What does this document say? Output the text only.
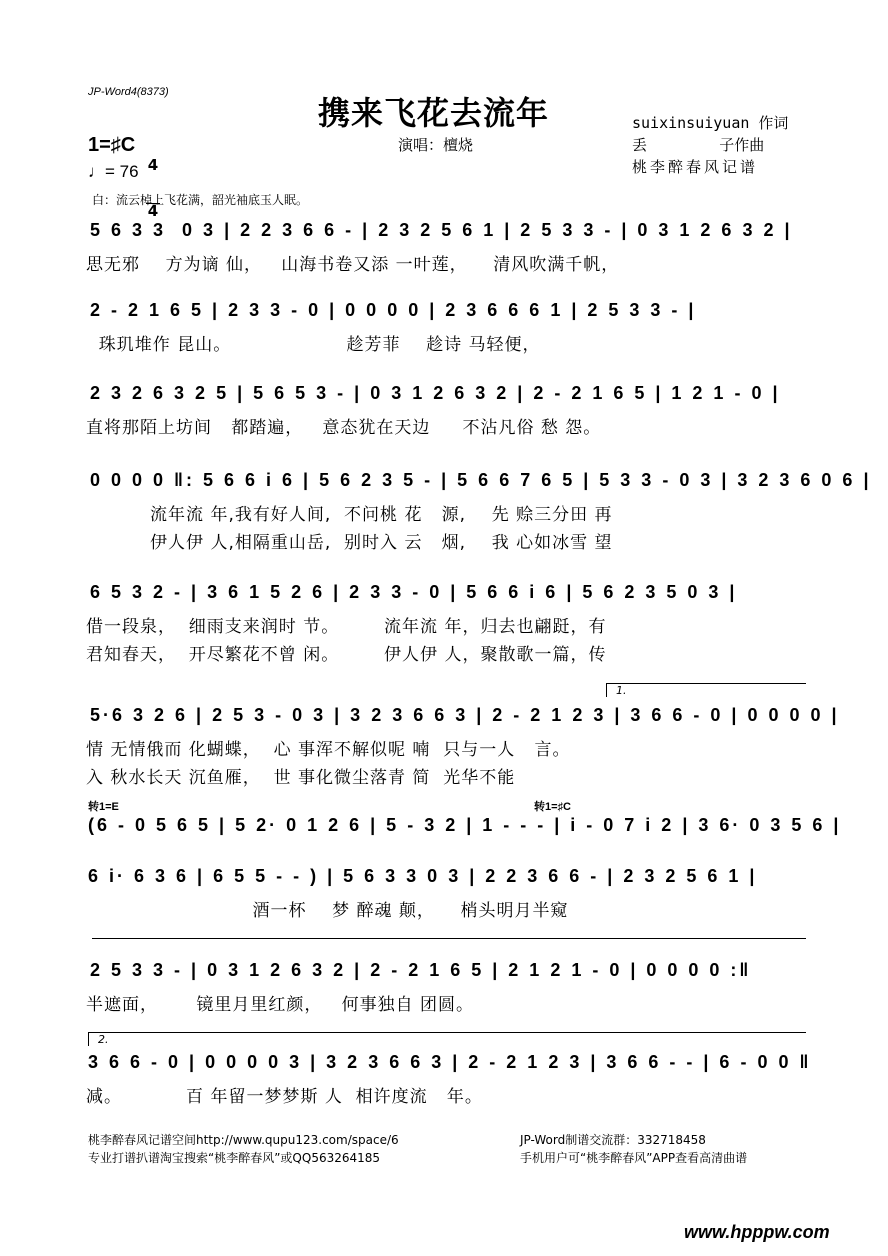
JP-Word4(8373)
携来飞花去流年
演唱：檀烧
suixinsuiyuan 作词
丢        子作曲
桃李醉春风记谱
1=♯C

4

4

♩= 76
白：流云棹上飞花满，韶光袖底玉人眠。
5 6 3 3  0 3 | 2 2 3 6 6 - | 2 3 2 5 6 1 | 2 5 3 3 - | 0 3 1 2 6 3 2 |
思无邪    方为谪 仙，   山海书卷又添 一叶莲，    清风吹满千帆，
2 - 2 1 6 5 | 2 3 3 - 0 | 0 0 0 0 | 2 3 6 6 6 1 | 2 5 3 3 - |
珠玑堆作 昆山。                  趁芳菲    趁诗 马轻便，
2 3 2 6 3 2 5 | 5 6 5 3 - | 0 3 1 2 6 3 2 | 2 - 2 1 6 5 | 1 2 1 - 0 |
直将那陌上坊间   都踏遍，   意态犹在天边     不沾凡俗 愁 怨。
0 0 0 0 ‖: 5 6 6 i 6 | 5 6 2 3 5 - | 5 6 6 7 6 5 | 5 3 3 - 0 3 | 3 2 3 6 0 6 |
流年流 年,我有好人间,  不问桃 花   源,    先 赊三分田 再
伊人伊 人,相隔重山岳,  别时入 云   烟,    我 心如冰雪 望
6 5 3 2 - | 3 6 1 5 2 6 | 2 3 3 - 0 | 5 6 6 i 6 | 5 6 2 3 5 0 3 |
借一段泉，  细雨支来润时 节。       流年流 年，归去也翩跹，有
君知春天，  开尽繁花不曾 闲。       伊人伊 人，聚散歌一篇，传
1.
5·6 3 2 6 | 2 5 3 - 0 3 | 3 2 3 6 6 3 | 2 - 2 1 2 3 | 3 6 6 - 0 | 0 0 0 0 |
情 无情俄而 化蝴蝶，  心 事浑不解似呢 喃  只与一人   言。
入 秋水长天 沉鱼雁，  世 事化微尘落青 简  光华不能
转1=E	转1=♯C
(6 - 0 5 6 5 | 5 2· 0 1 2 6 | 5 - 3 2 | 1 - - - | i - 0 7 i 2 | 3 6· 0 3 5 6 |
6 i· 6 3 6 | 6 5 5 - - ) | 5 6 3 3 0 3 | 2 2 3 6 6 - | 2 3 2 5 6 1 |
酒一杯    梦 醉魂 颠，    梢头明月半窥
2 5 3 3 - | 0 3 1 2 6 3 2 | 2 - 2 1 6 5 | 2 1 2 1 - 0 | 0 0 0 0 :‖
半遮面，      镜里月里红颜，   何事独自 团圆。
2.
3 6 6 - 0 | 0 0 0 0 3 | 3 2 3 6 6 3 | 2 - 2 1 2 3 | 3 6 6 - - | 6 - 0 0 ‖
减。          百 年留一梦梦斯 人  相许度流   年。
桃李醉春风记谱空间http://www.qupu123.com/space/6
专业打谱扒谱淘宝搜索“桃李醉春风”或QQ563264185
JP-Word制谱交流群：332718458
手机用户可“桃李醉春风”APP查看高清曲谱
www.hpppw.com
